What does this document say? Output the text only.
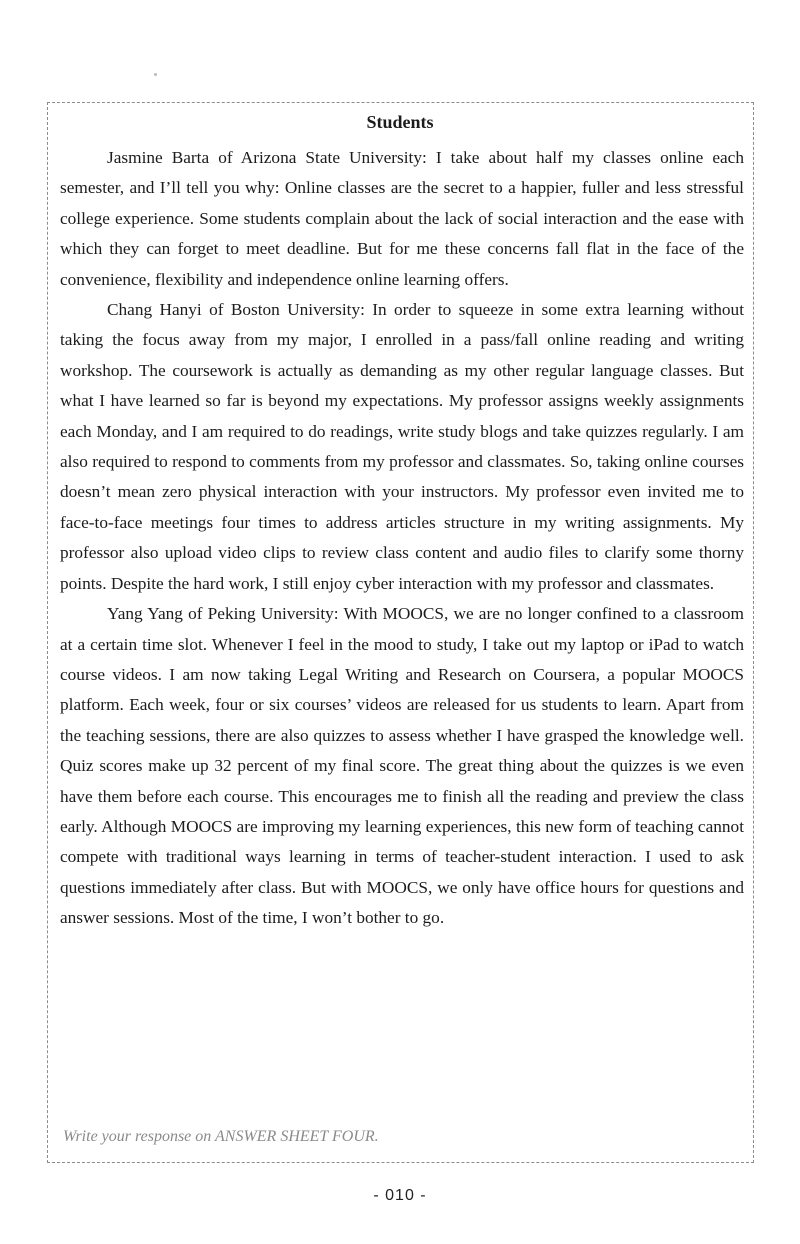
Students

Jasmine Barta of Arizona State University: I take about half my classes online each semester, and I’ll tell you why: Online classes are the secret to a happier, fuller and less stressful college experience. Some students complain about the lack of social interaction and the ease with which they can forget to meet deadline. But for me these concerns fall flat in the face of the convenience, flexibility and independence online learning offers.

Chang Hanyi of Boston University: In order to squeeze in some extra learning without taking the focus away from my major, I enrolled in a pass/fall online reading and writing workshop. The coursework is actually as demanding as my other regular language classes. But what I have learned so far is beyond my expectations. My professor assigns weekly assignments each Monday, and I am required to do readings, write study blogs and take quizzes regularly. I am also required to respond to comments from my professor and classmates. So, taking online courses doesn’t mean zero physical interaction with your instructors. My professor even invited me to face-to-face meetings four times to address articles structure in my writing assignments. My professor also upload video clips to review class content and audio files to clarify some thorny points. Despite the hard work, I still enjoy cyber interaction with my professor and classmates.

Yang Yang of Peking University: With MOOCS, we are no longer confined to a classroom at a certain time slot. Whenever I feel in the mood to study, I take out my laptop or iPad to watch course videos. I am now taking Legal Writing and Research on Coursera, a popular MOOCS platform. Each week, four or six courses’ videos are released for us students to learn. Apart from the teaching sessions, there are also quizzes to assess whether I have grasped the knowledge well. Quiz scores make up 32 percent of my final score. The great thing about the quizzes is we even have them before each course. This encourages me to finish all the reading and preview the class early. Although MOOCS are improving my learning experiences, this new form of teaching cannot compete with traditional ways learning in terms of teacher-student interaction. I used to ask questions immediately after class. But with MOOCS, we only have office hours for questions and answer sessions. Most of the time, I won’t bother to go.

Write your response on ANSWER SHEET FOUR.
- 010 -
